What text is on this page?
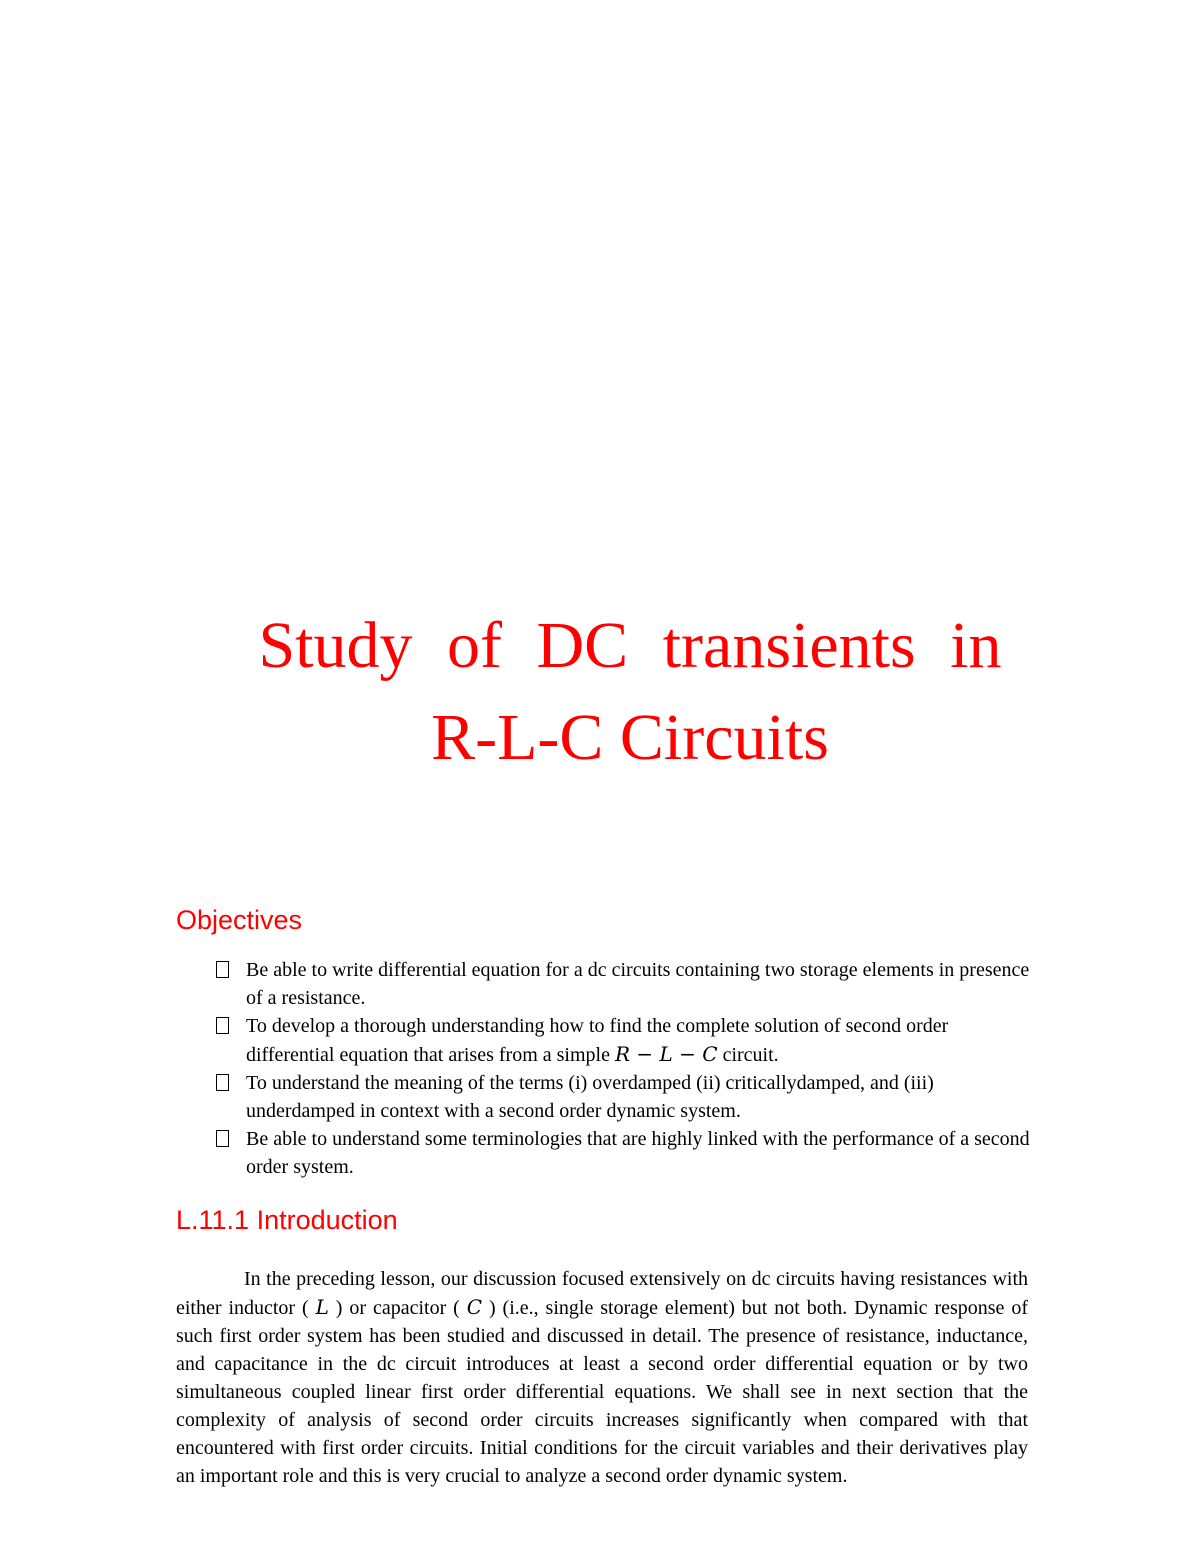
Study of DC transients in
R-L-C Circuits
Objectives
Be able to write differential equation for a dc circuits containing two storage elements in presence of a resistance.
To develop a thorough understanding how to find the complete solution of second order differential equation that arises from a simple R − L − C circuit.
To understand the meaning of the terms (i) overdamped (ii) criticallydamped, and (iii) underdamped in context with a second order dynamic system.
Be able to understand some terminologies that are highly linked with the performance of a second order system.
L.11.1 Introduction

In the preceding lesson, our discussion focused extensively on dc circuits having resistances with either inductor ( L ) or capacitor ( C ) (i.e., single storage element) but not both. Dynamic response of such first order system has been studied and discussed in detail. The presence of resistance, inductance, and capacitance in the dc circuit introduces at least a second order differential equation or by two simultaneous coupled linear first order differential equations. We shall see in next section that the complexity of analysis of second order circuits increases significantly when compared with that encountered with first order circuits. Initial conditions for the circuit variables and their derivatives play an important role and this is very crucial to analyze a second order dynamic system.
